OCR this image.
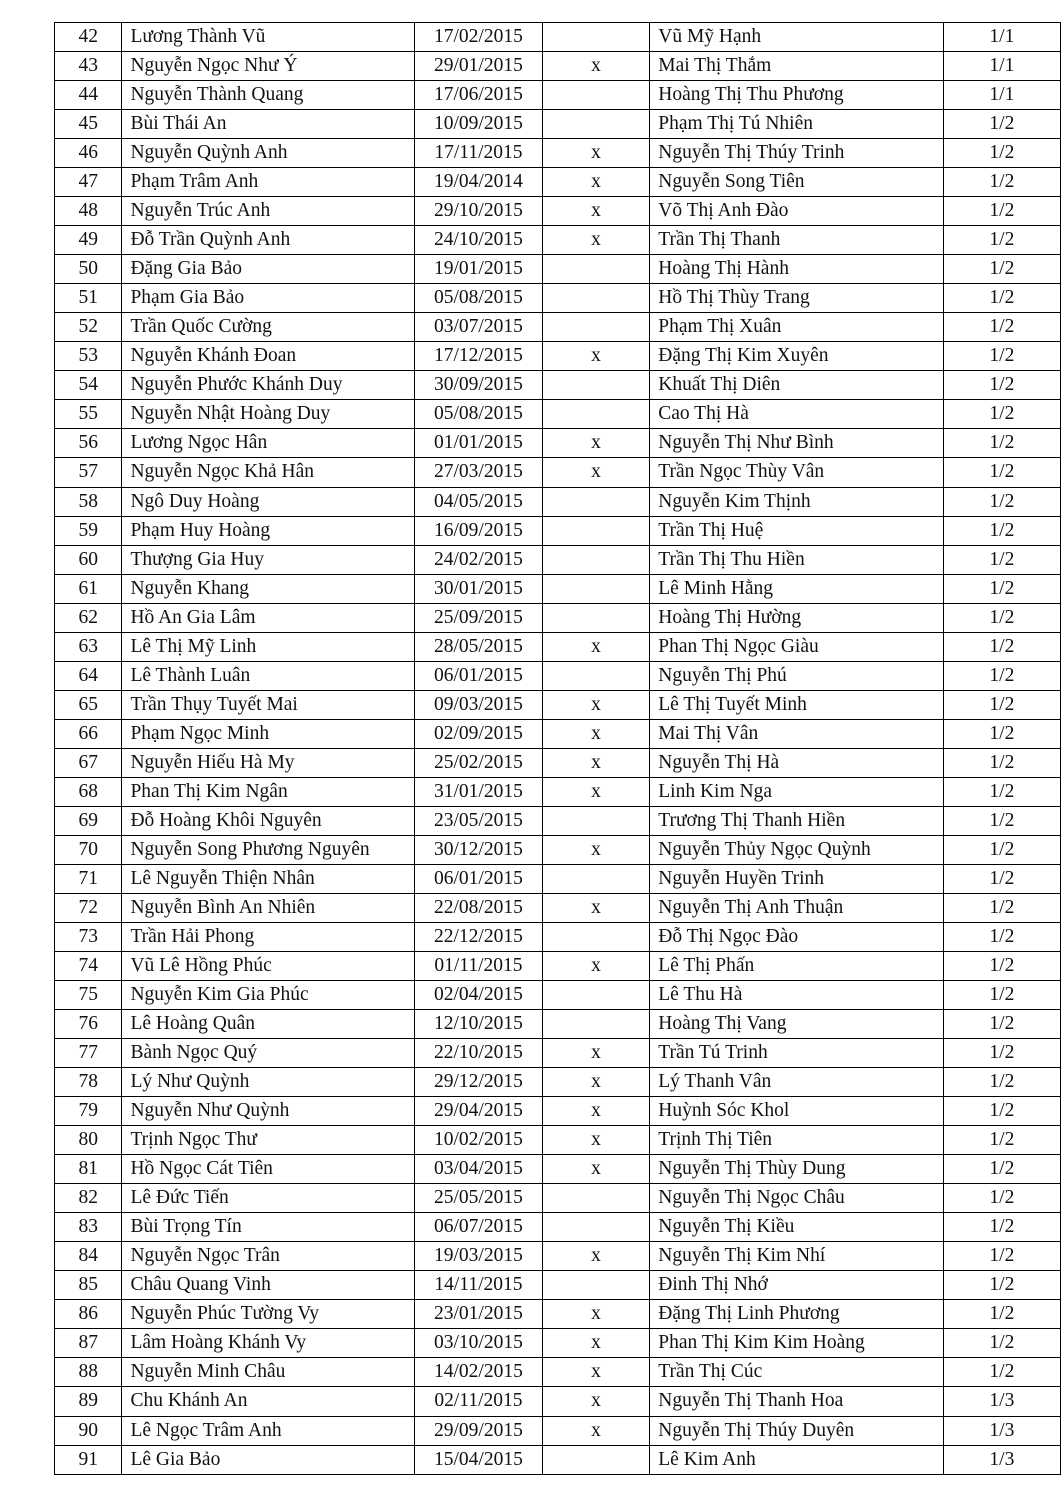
42	Lương Thành Vũ	17/02/2015		Vũ Mỹ Hạnh	1/1
43	Nguyễn Ngọc Như Ý	29/01/2015	x	Mai Thị Thắm	1/1
44	Nguyễn Thành Quang	17/06/2015		Hoàng Thị Thu Phương	1/1
45	Bùi Thái An	10/09/2015		Phạm Thị Tú Nhiên	1/2
46	Nguyễn Quỳnh Anh	17/11/2015	x	Nguyễn Thị Thúy Trinh	1/2
47	Phạm Trâm Anh	19/04/2014	x	Nguyễn Song Tiên	1/2
48	Nguyễn Trúc Anh	29/10/2015	x	Võ Thị Anh Đào	1/2
49	Đỗ Trần Quỳnh Anh	24/10/2015	x	Trần Thị Thanh	1/2
50	Đặng Gia Bảo	19/01/2015		Hoàng Thị Hành	1/2
51	Phạm Gia Bảo	05/08/2015		Hồ Thị Thùy Trang	1/2
52	Trần Quốc Cường	03/07/2015		Phạm Thị Xuân	1/2
53	Nguyễn Khánh Đoan	17/12/2015	x	Đặng Thị Kim Xuyên	1/2
54	Nguyễn Phước Khánh Duy	30/09/2015		Khuất Thị Diên	1/2
55	Nguyễn Nhật Hoàng Duy	05/08/2015		Cao Thị Hà	1/2
56	Lương Ngọc Hân	01/01/2015	x	Nguyễn Thị Như Bình	1/2
57	Nguyễn Ngọc Khả Hân	27/03/2015	x	Trần Ngọc Thùy Vân	1/2
58	Ngô Duy Hoàng	04/05/2015		Nguyễn Kim Thịnh	1/2
59	Phạm Huy Hoàng	16/09/2015		Trần Thị Huệ	1/2
60	Thượng Gia Huy	24/02/2015		Trần Thị Thu Hiền	1/2
61	Nguyễn Khang	30/01/2015		Lê Minh Hằng	1/2
62	Hồ An Gia Lâm	25/09/2015		Hoàng Thị Hường	1/2
63	Lê Thị Mỹ Linh	28/05/2015	x	Phan Thị Ngọc Giàu	1/2
64	Lê Thành Luân	06/01/2015		Nguyễn Thị Phú	1/2
65	Trần Thụy Tuyết Mai	09/03/2015	x	Lê Thị Tuyết Minh	1/2
66	Phạm Ngọc Minh	02/09/2015	x	Mai Thị Vân	1/2
67	Nguyễn Hiếu Hà My	25/02/2015	x	Nguyễn Thị Hà	1/2
68	Phan Thị Kim Ngân	31/01/2015	x	Linh Kim Nga	1/2
69	Đỗ Hoàng Khôi Nguyên	23/05/2015		Trương Thị Thanh Hiền	1/2
70	Nguyễn Song Phương Nguyên	30/12/2015	x	Nguyễn Thủy Ngọc Quỳnh	1/2
71	Lê Nguyễn Thiện Nhân	06/01/2015		Nguyễn Huyền Trinh	1/2
72	Nguyễn Bình An Nhiên	22/08/2015	x	Nguyễn Thị Anh Thuận	1/2
73	Trần Hải Phong	22/12/2015		Đỗ Thị Ngọc Đào	1/2
74	Vũ Lê Hồng Phúc	01/11/2015	x	Lê Thị Phấn	1/2
75	Nguyễn Kim Gia Phúc	02/04/2015		Lê Thu Hà	1/2
76	Lê Hoàng Quân	12/10/2015		Hoàng Thị Vang	1/2
77	Bành Ngọc Quý	22/10/2015	x	Trần Tú Trinh	1/2
78	Lý Như Quỳnh	29/12/2015	x	Lý Thanh Vân	1/2
79	Nguyễn Như Quỳnh	29/04/2015	x	Huỳnh Sóc Khol	1/2
80	Trịnh Ngọc Thư	10/02/2015	x	Trịnh Thị Tiên	1/2
81	Hồ Ngọc Cát Tiên	03/04/2015	x	Nguyễn Thị Thùy Dung	1/2
82	Lê Đức Tiến	25/05/2015		Nguyễn Thị Ngọc Châu	1/2
83	Bùi Trọng Tín	06/07/2015		Nguyễn Thị Kiều	1/2
84	Nguyễn Ngọc Trân	19/03/2015	x	Nguyễn Thị Kim Nhí	1/2
85	Châu Quang Vinh	14/11/2015		Đinh Thị Nhớ	1/2
86	Nguyễn Phúc Tường Vy	23/01/2015	x	Đặng Thị Linh Phương	1/2
87	Lâm Hoàng Khánh Vy	03/10/2015	x	Phan Thị Kim Kim Hoàng	1/2
88	Nguyễn Minh Châu	14/02/2015	x	Trần Thị Cúc	1/2
89	Chu Khánh An	02/11/2015	x	Nguyễn Thị Thanh Hoa	1/3
90	Lê Ngọc Trâm Anh	29/09/2015	x	Nguyễn Thị Thúy Duyên	1/3
91	Lê Gia Bảo	15/04/2015		Lê Kim Anh	1/3
